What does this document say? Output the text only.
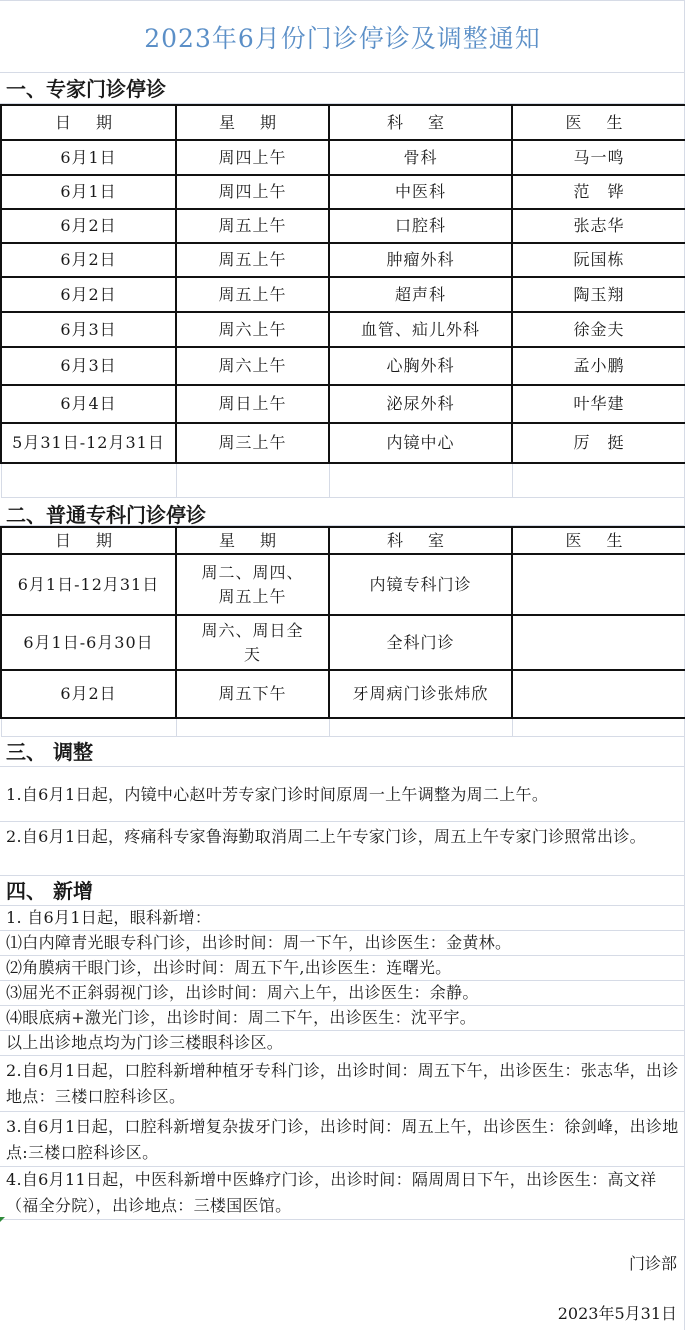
2023年6月份门诊停诊及调整通知
一、专家门诊停诊
日 期	星 期	科 室	医 生
6月1日	周四上午	骨科	马一鸣
6月1日	周四上午	中医科	范　铧
6月2日	周五上午	口腔科	张志华
6月2日	周五上午	肿瘤外科	阮国栋
6月2日	周五上午	超声科	陶玉翔
6月3日	周六上午	血管、疝儿外科	徐金夫
6月3日	周六上午	心胸外科	孟小鹏
6月4日	周日上午	泌尿外科	叶华建
5月31日-12月31日	周三上午	内镜中心	厉　挺

二、普通专科门诊停诊
日 期	星 期	科 室	医 生
6月1日-12月31日	周二、周四、周五上午	内镜专科门诊	
6月1日-6月30日	周六、周日全天	全科门诊	
6月2日	周五下午	牙周病门诊张炜欣	

三、 调整
1.自6月1日起，内镜中心赵叶芳专家门诊时间原周一上午调整为周二上午。
2.自6月1日起，疼痛科专家鲁海勤取消周二上午专家门诊，周五上午专家门诊照常出诊。
四、 新增
1. 自6月1日起，眼科新增：
⑴白内障青光眼专科门诊，出诊时间：周一下午，出诊医生：金黄林。
⑵角膜病干眼门诊，出诊时间：周五下午,出诊医生：连曙光。
⑶屈光不正斜弱视门诊，出诊时间：周六上午，出诊医生：余静。
⑷眼底病+激光门诊，出诊时间：周二下午，出诊医生：沈平宇。
以上出诊地点均为门诊三楼眼科诊区。
2.自6月1日起，口腔科新增种植牙专科门诊，出诊时间：周五下午，出诊医生：张志华，出诊地点：三楼口腔科诊区。
3.自6月1日起，口腔科新增复杂拔牙门诊，出诊时间：周五上午，出诊医生：徐剑峰，出诊地点:三楼口腔科诊区。
4.自6月11日起，中医科新增中医蜂疗门诊，出诊时间：隔周周日下午，出诊医生：高文祥（福全分院），出诊地点：三楼国医馆。
门诊部
2023年5月31日
